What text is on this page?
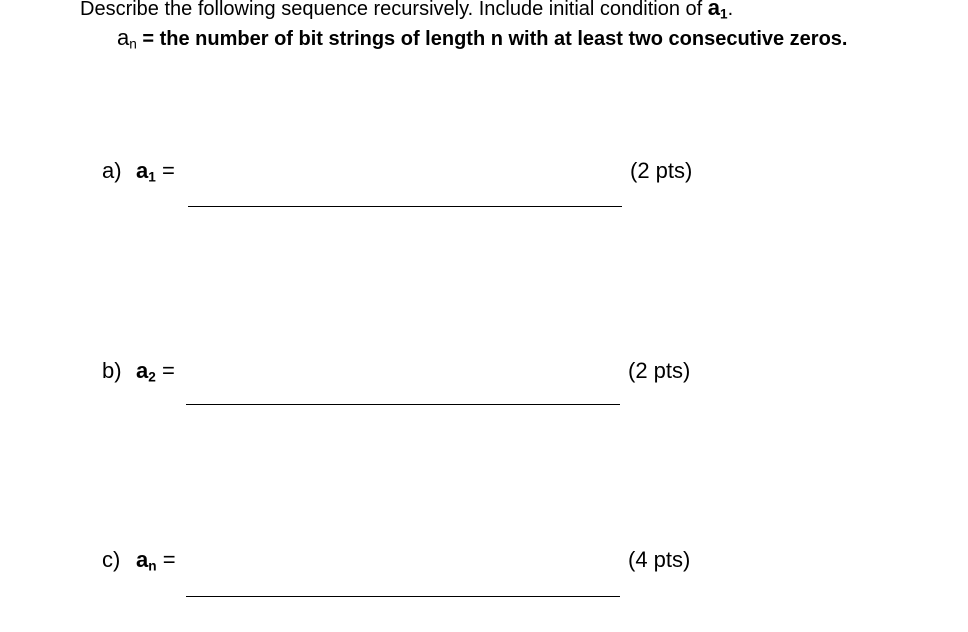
Describe the following sequence recursively. Include initial condition of $a_1$.
$a_n$ = the number of bit strings of length n with at least two consecutive zeros.
a) $a_1$ =	(2 pts)
b) $a_2$ =	(2 pts)
c) $a_n$ =	(4 pts)
